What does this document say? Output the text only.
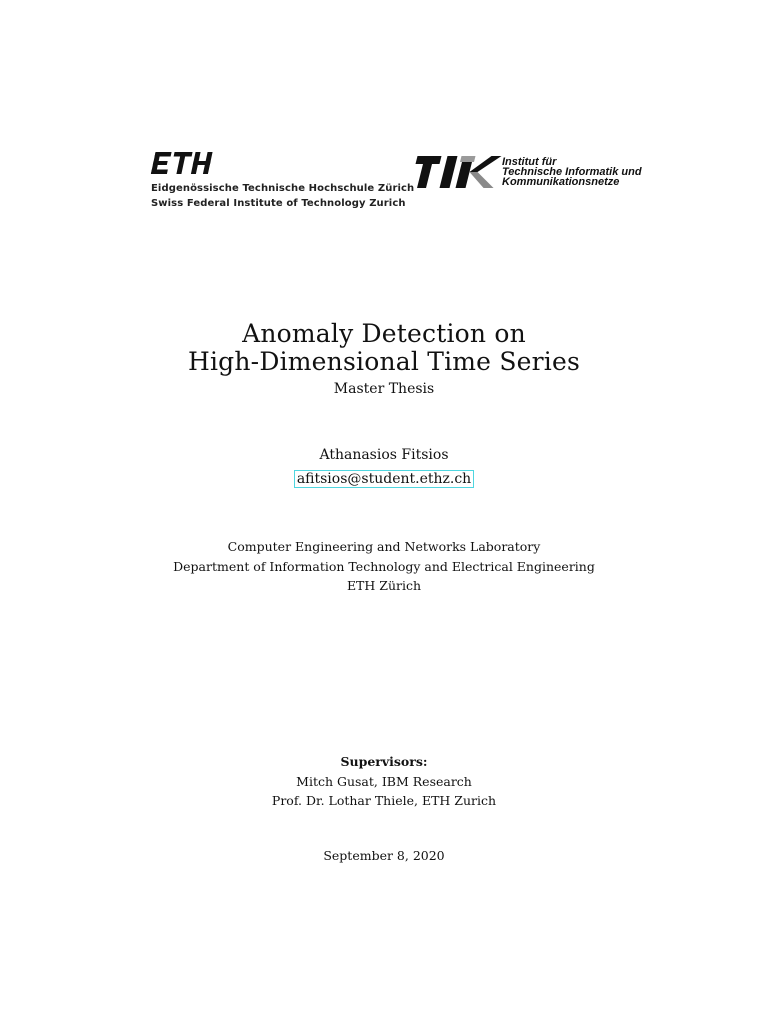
Eidgenössische Technische Hochschule Zürich
Swiss Federal Institute of Technology Zurich
Institut für
Technische Informatik und
Kommunikationsnetze
Anomaly Detection on
High-Dimensional Time Series
Master Thesis
Athanasios Fitsios
afitsios@student.ethz.ch
Computer Engineering and Networks Laboratory
Department of Information Technology and Electrical Engineering
ETH Zürich
Supervisors:
Mitch Gusat, IBM Research
Prof. Dr. Lothar Thiele, ETH Zurich
September 8, 2020
